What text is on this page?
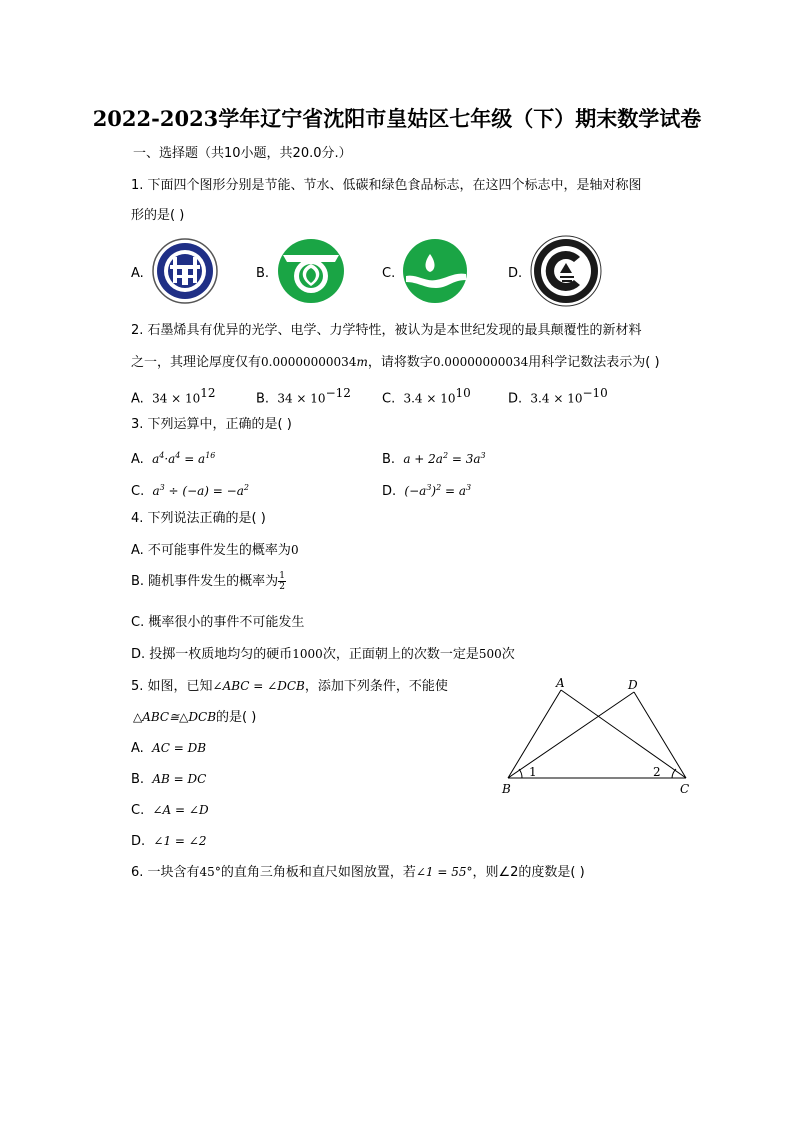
2022-2023学年辽宁省沈阳市皇姑区七年级（下）期末数学试卷
一、选择题（共10小题，共20.0分.）
1. 下面四个图形分别是节能、节水、低碳和绿色食品标志，在这四个标志中，是轴对称图
形的是( )
A.	B.	C.	D.
2. 石墨烯具有优异的光学、电学、力学特性，被认为是本世纪发现的最具颠覆性的新材料
之一，其理论厚度仅有0.00000000034m，请将数字0.00000000034用科学记数法表示为( )
A. $34 \times 10^{12}$	B. $34 \times 10^{-12}$ C. $3.4 \times 10^{10}$	D. $3.4 \times 10^{-10}$
3. 下列运算中，正确的是( )
A. $a^4\cdot a^4 = a^{16}$	B. $a + 2a^2 = 3a^3$
C. $a^3 \div (-a) = -a^2$	D. $(-a^3)^2 = a^3$
4. 下列说法正确的是( )
A. 不可能事件发生的概率为0
B. 随机事件发生的概率为 $\frac{1}{2}$
C. 概率很小的事件不可能发生
D. 投掷一枚质地均匀的硬币1000次，正面朝上的次数一定是500次
5. 如图，已知∠ABC = ∠DCB，添加下列条件，不能使
△ABC≅△DCB的是( )
A. AC = DB
B. AB = DC
C. ∠A = ∠D
D. ∠1 = ∠2
A	D
B	C
1	2
6. 一块含有45°的直角三角板和直尺如图放置，若∠1 = 55°，则∠2的度数是( )
